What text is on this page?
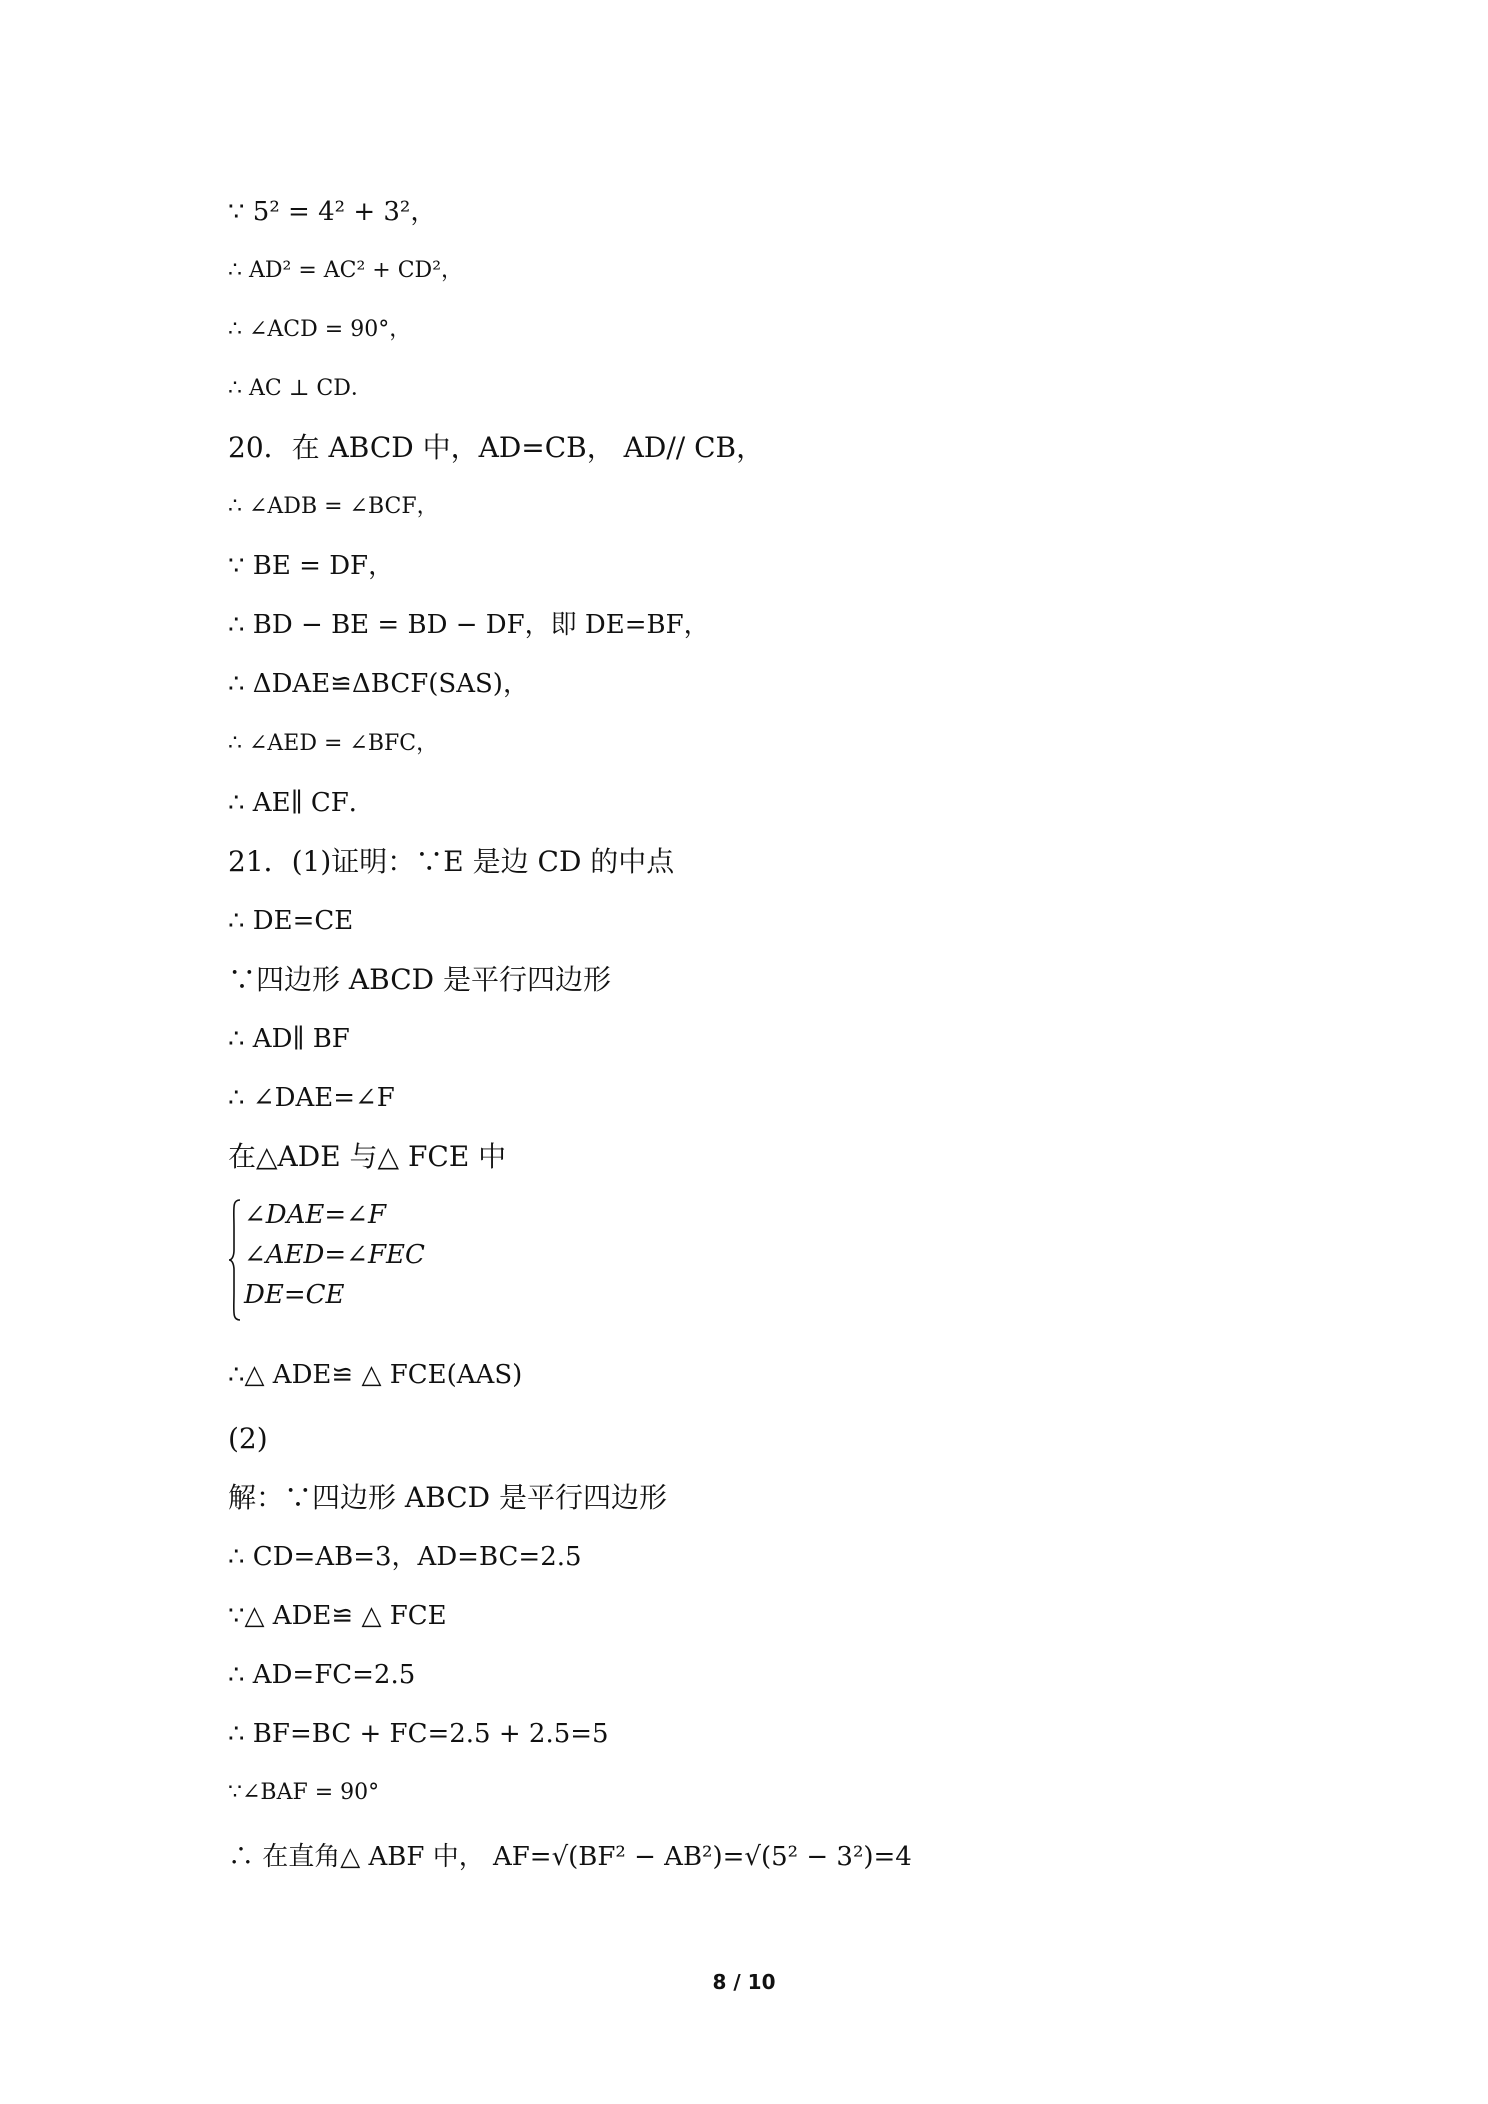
∵ 5² = 4² + 3²，
∴ AD² = AC² + CD²，
∴ ∠ACD = 90°，
∴ AC ⊥ CD．
20．在 ABCD 中，AD=CB， AD// CB，
∴ ∠ADB = ∠BCF，
∵ BE = DF，
∴ BD − BE = BD − DF，即 DE=BF，
∴ ΔDAE≌ΔBCF(SAS)，
∴ ∠AED = ∠BFC，
∴ AE∥ CF．
21．(1)证明：∵E 是边 CD 的中点
∴ DE=CE
∵四边形 ABCD 是平行四边形
∴ AD∥ BF
∴ ∠DAE=∠F
在△ADE 与△ FCE 中
∠DAE=∠F
∠AED=∠FEC
DE=CE
∴△ ADE≌ △ FCE(AAS)
(2)
解：∵四边形 ABCD 是平行四边形
∴ CD=AB=3，AD=BC=2.5
∵△ ADE≌ △ FCE
∴ AD=FC=2.5
∴ BF=BC + FC=2.5 + 2.5=5
∵∠BAF = 90°
∴ 在直角△ ABF 中， AF=√(BF² − AB²)=√(5² − 3²)=4
8 / 10
